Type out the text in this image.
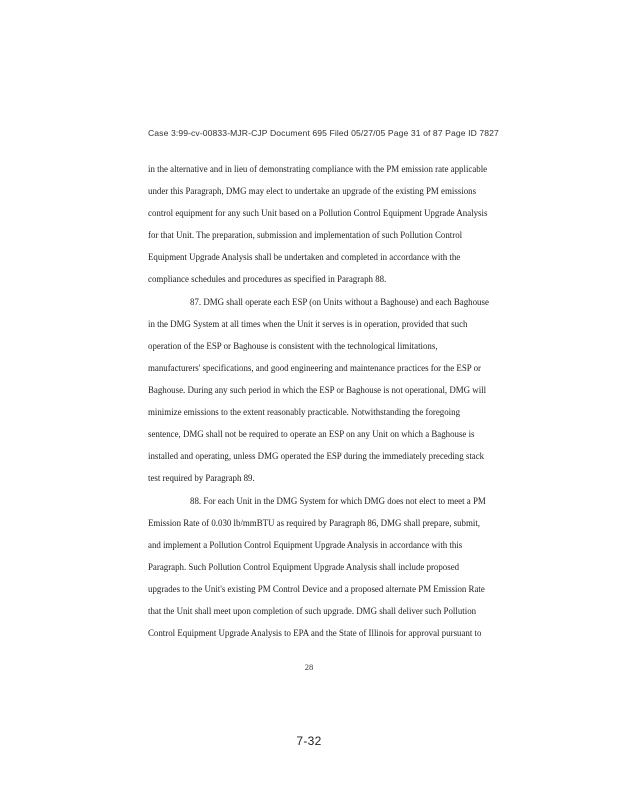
Case 3:99-cv-00833-MJR-CJP Document 695 Filed 05/27/05 Page 31 of 87 Page ID 7827
in the alternative and in lieu of demonstrating compliance with the PM emission rate applicable
under this Paragraph, DMG may elect to undertake an upgrade of the existing PM emissions
control equipment for any such Unit based on a Pollution Control Equipment Upgrade Analysis
for that Unit. The preparation, submission and implementation of such Pollution Control
Equipment Upgrade Analysis shall be undertaken and completed in accordance with the
compliance schedules and procedures as specified in Paragraph 88.
87. DMG shall operate each ESP (on Units without a Baghouse) and each Baghouse
in the DMG System at all times when the Unit it serves is in operation, provided that such
operation of the ESP or Baghouse is consistent with the technological limitations,
manufacturers' specifications, and good engineering and maintenance practices for the ESP or
Baghouse. During any such period in which the ESP or Baghouse is not operational, DMG will
minimize emissions to the extent reasonably practicable. Notwithstanding the foregoing
sentence, DMG shall not be required to operate an ESP on any Unit on which a Baghouse is
installed and operating, unless DMG operated the ESP during the immediately preceding stack
test required by Paragraph 89.
88. For each Unit in the DMG System for which DMG does not elect to meet a PM
Emission Rate of 0.030 lb/mmBTU as required by Paragraph 86, DMG shall prepare, submit,
and implement a Pollution Control Equipment Upgrade Analysis in accordance with this
Paragraph. Such Pollution Control Equipment Upgrade Analysis shall include proposed
upgrades to the Unit's existing PM Control Device and a proposed alternate PM Emission Rate
that the Unit shall meet upon completion of such upgrade. DMG shall deliver such Pollution
Control Equipment Upgrade Analysis to EPA and the State of Illinois for approval pursuant to
28
7-32
